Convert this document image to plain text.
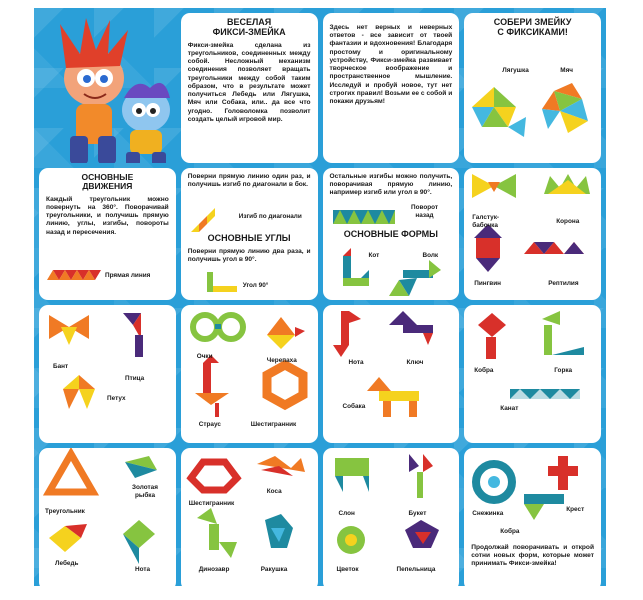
ВЕСЕЛАЯ
ФИКСИ-ЗМЕЙКА

Фикси-змейка сделана из треугольников, соединенных между собой. Несложный механизм соединения позволяет вращать треугольники между собой таким образом, что в результате может получиться Лебедь или Лягушка, Мяч или Собака, или.. да все что угодно. Головоломка позволит создать целый игровой мир.

Здесь нет верных и неверных ответов - все зависит от твоей фантазии и вдохновения! Благодаря простому и оригинальному устройству, Фикси-змейка развивает творческое воображение и пространственное мышление. Исследуй и пробуй новое, тут нет строгих правил! Возьми ее с собой и покажи друзьям!

СОБЕРИ ЗМЕЙКУ
С ФИКСИКАМИ!
Лягушка	Мяч
ОСНОВНЫЕ
ДВИЖЕНИЯ

Каждый треугольник можно повернуть на 360°. Поворачивай треугольники, и получишь прямую линию, углы, изгибы, повороты назад и пересечения.

Прямая линия

Поверни прямую линию один раз, и получишь изгиб по диагонали в бок.

Изгиб по диагонали
ОСНОВНЫЕ УГЛЫ

Поверни прямую линию два раза, и получишь угол в 90°.

Угол 90°

Остальные изгибы можно получить, поворачивая прямую линию, например изгиб или угол в 90°.

Поворот назад
ОСНОВНЫЕ ФОРМЫ
Кот	Волк
Галстук-бабочка
Корона
Пингвин	Рептилия
Бант
Птица
Петух
Очки
Черепаха
Страус	Шестигранник
Нота	Ключ
Собака
Кобра	Горка
Канат
Треугольник
Золотая рыбка
Лебедь
Нота
Шестигранник
Коса
Динозавр	Ракушка
Слон	Букет
Цветок	Пепельница
Снежинка
Крест
Кобра

Продолжай поворачивать и открой сотни новых форм, которые может принимать Фикси-змейка!
